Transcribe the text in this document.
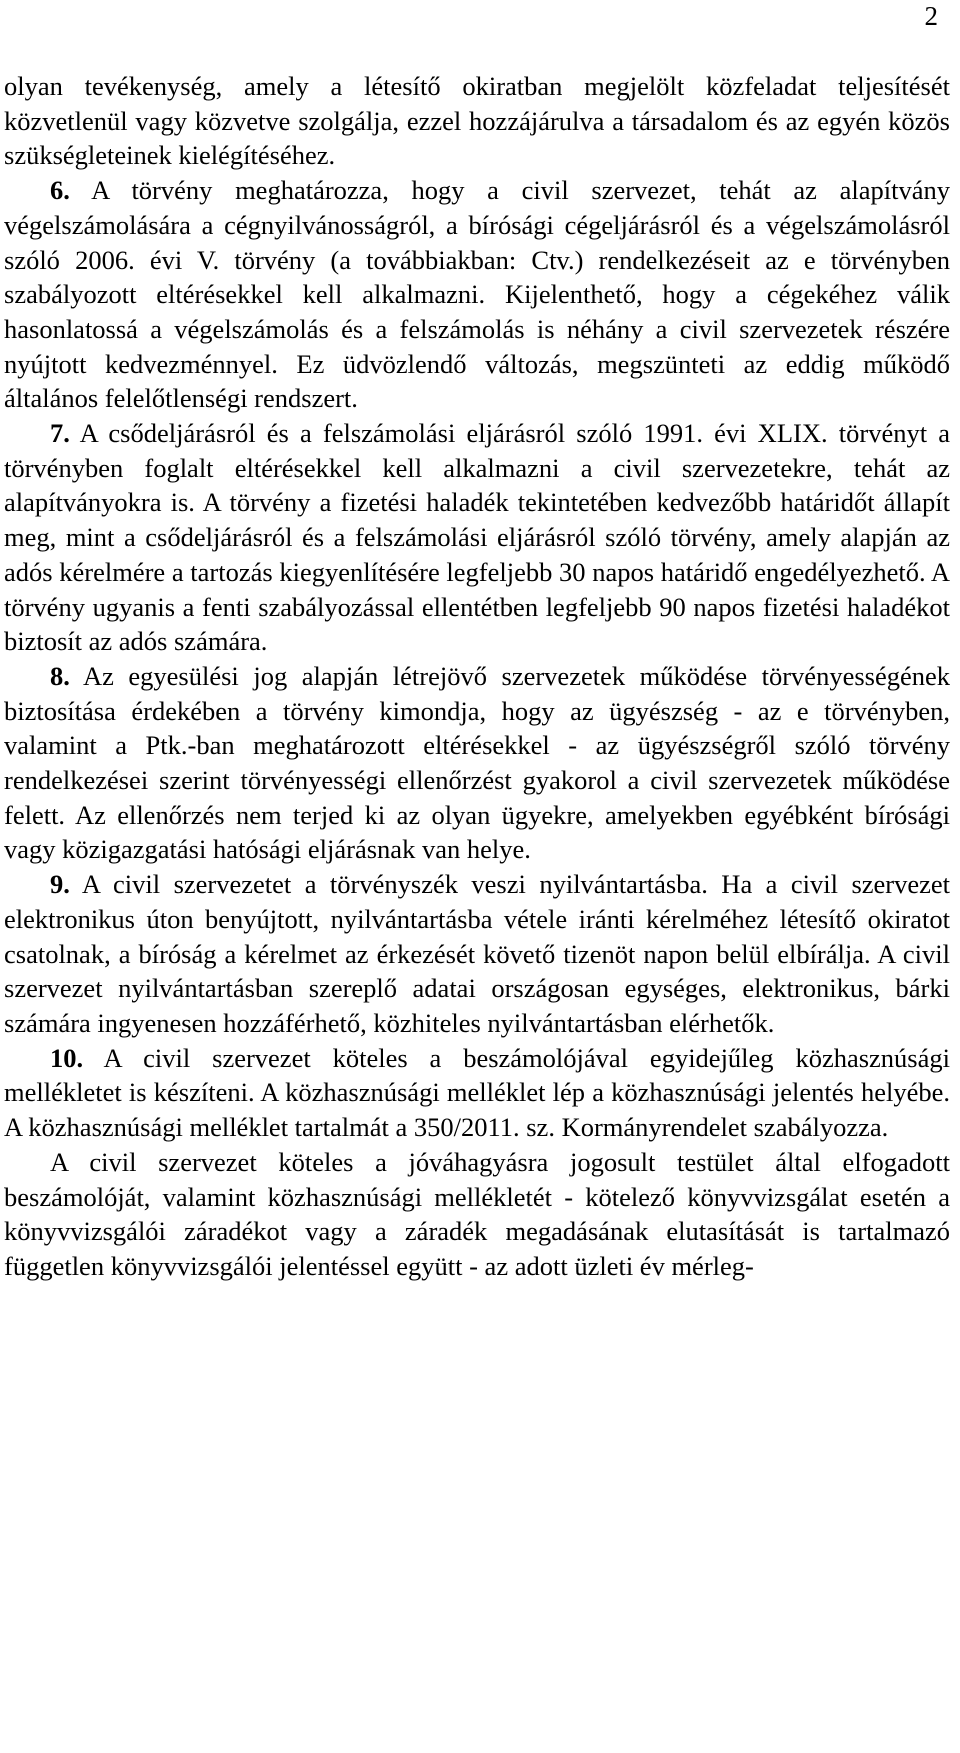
2

olyan tevékenység, amely a létesítő okiratban megjelölt közfeladat teljesítését közvetlenül vagy közvetve szolgálja, ezzel hozzájárulva a társadalom és az egyén közös szükségleteinek kielégítéséhez.

6. A törvény meghatározza, hogy a civil szervezet, tehát az alapítvány végelszámolására a cégnyilvánosságról, a bírósági cégeljárásról és a végelszámolásról szóló 2006. évi V. törvény (a továbbiakban: Ctv.) rendelkezéseit az e törvényben szabályozott eltérésekkel kell alkalmazni. Kijelenthető, hogy a cégekéhez válik hasonlatossá a végelszámolás és a felszámolás is néhány a civil szervezetek részére nyújtott kedvezménnyel. Ez üdvözlendő változás, megszünteti az eddig működő általános felelőtlenségi rendszert.

7. A csődeljárásról és a felszámolási eljárásról szóló 1991. évi XLIX. törvényt a törvényben foglalt eltérésekkel kell alkalmazni a civil szervezetekre, tehát az alapítványokra is. A törvény a fizetési haladék tekintetében kedvezőbb határidőt állapít meg, mint a csődeljárásról és a felszámolási eljárásról szóló törvény, amely alapján az adós kérelmére a tartozás kiegyenlítésére legfeljebb 30 napos határidő engedélyezhető. A törvény ugyanis a fenti szabályozással ellentétben legfeljebb 90 napos fizetési haladékot biztosít az adós számára.

8. Az egyesülési jog alapján létrejövő szervezetek működése törvényességének biztosítása érdekében a törvény kimondja, hogy az ügyészség - az e törvényben, valamint a Ptk.-ban meghatározott eltérésekkel - az ügyészségről szóló törvény rendelkezései szerint törvényességi ellenőrzést gyakorol a civil szervezetek működése felett. Az ellenőrzés nem terjed ki az olyan ügyekre, amelyekben egyébként bírósági vagy közigazgatási hatósági eljárásnak van helye.

9. A civil szervezetet a törvényszék veszi nyilvántartásba. Ha a civil szervezet elektronikus úton benyújtott, nyilvántartásba vétele iránti kérelméhez létesítő okiratot csatolnak, a bíróság a kérelmet az érkezését követő tizenöt napon belül elbírálja. A civil szervezet nyilvántartásban szereplő adatai országosan egységes, elektronikus, bárki számára ingyenesen hozzáférhető, közhiteles nyilvántartásban elérhetők.

10. A civil szervezet köteles a beszámolójával egyidejűleg közhasznúsági mellékletet is készíteni. A közhasznúsági melléklet lép a közhasznúsági jelentés helyébe. A közhasznúsági melléklet tartalmát a 350/2011. sz. Kormányrendelet szabályozza.

A civil szervezet köteles a jóváhagyásra jogosult testület által elfogadott beszámolóját, valamint közhasznúsági mellékletét - kötelező könyvvizsgálat esetén a könyvvizsgálói záradékot vagy a záradék megadásának elutasítását is tartalmazó független könyvvizsgálói jelentéssel együtt - az adott üzleti év mérleg-
